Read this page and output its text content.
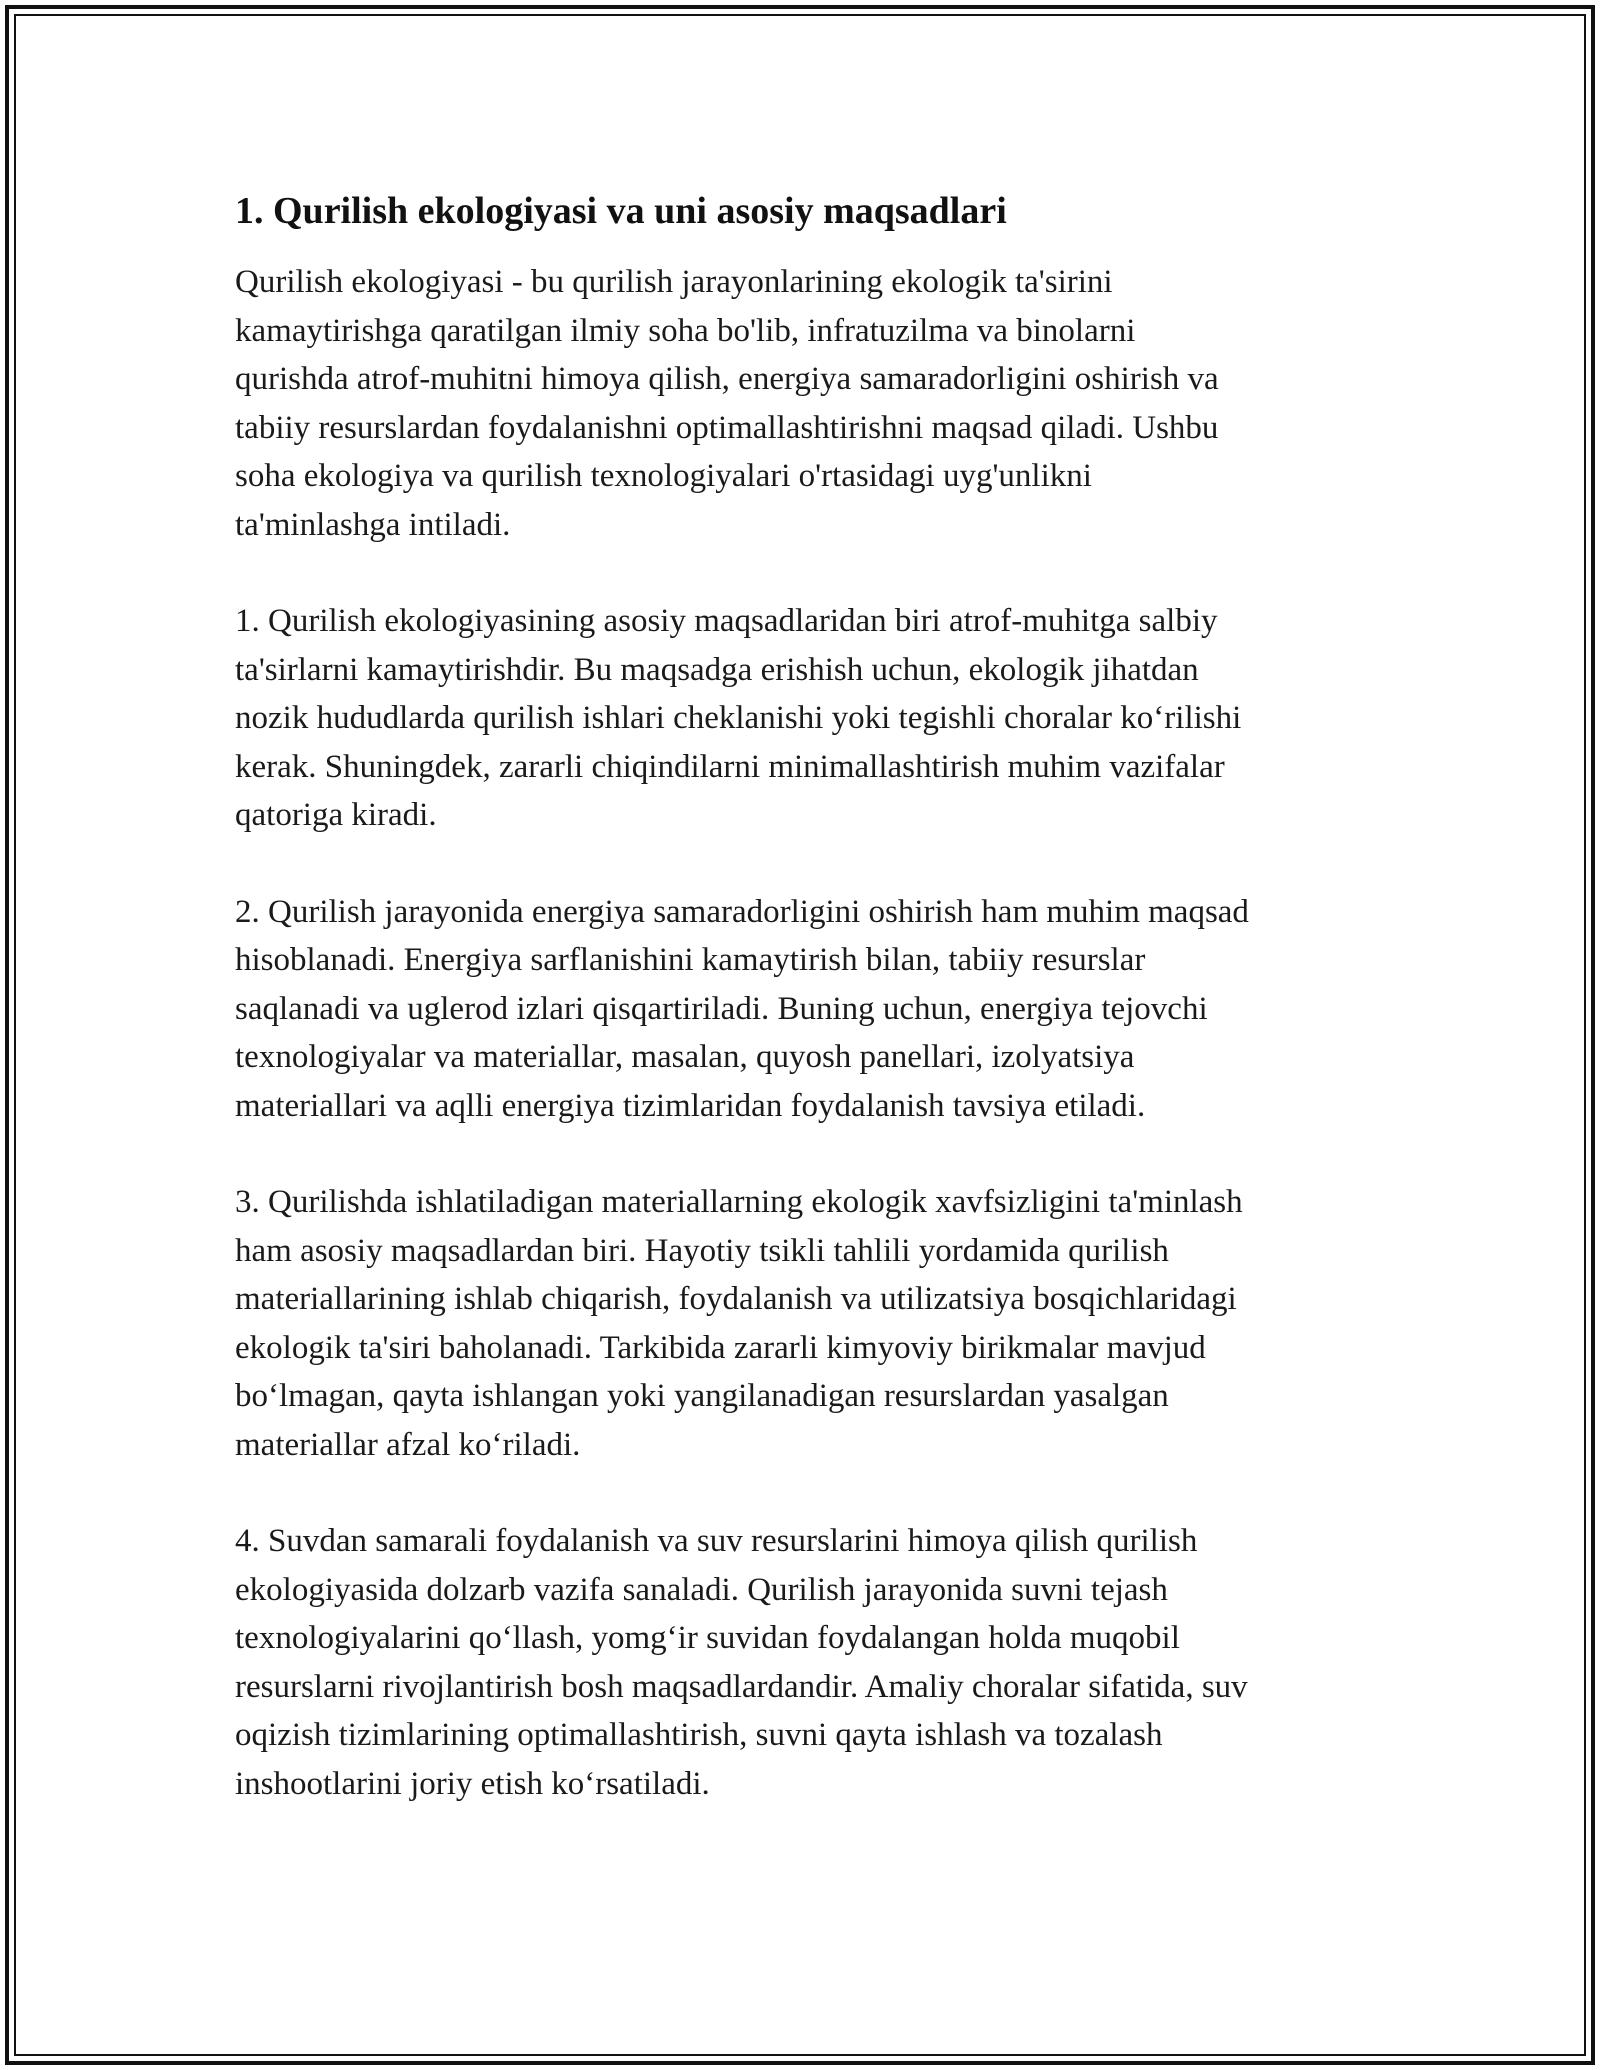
1. Qurilish ekologiyasi va uni asosiy maqsadlari

Qurilish ekologiyasi - bu qurilish jarayonlarining ekologik ta'sirini
kamaytirishga qaratilgan ilmiy soha bo'lib, infratuzilma va binolarni
qurishda atrof-muhitni himoya qilish, energiya samaradorligini oshirish va
tabiiy resurslardan foydalanishni optimallashtirishni maqsad qiladi. Ushbu
soha ekologiya va qurilish texnologiyalari o'rtasidagi uyg'unlikni
ta'minlashga intiladi.

1. Qurilish ekologiyasining asosiy maqsadlaridan biri atrof-muhitga salbiy
ta'sirlarni kamaytirishdir. Bu maqsadga erishish uchun, ekologik jihatdan
nozik hududlarda qurilish ishlari cheklanishi yoki tegishli choralar ko‘rilishi
kerak. Shuningdek, zararli chiqindilarni minimallashtirish muhim vazifalar
qatoriga kiradi.

2. Qurilish jarayonida energiya samaradorligini oshirish ham muhim maqsad
hisoblanadi. Energiya sarflanishini kamaytirish bilan, tabiiy resurslar
saqlanadi va uglerod izlari qisqartiriladi. Buning uchun, energiya tejovchi
texnologiyalar va materiallar, masalan, quyosh panellari, izolyatsiya
materiallari va aqlli energiya tizimlaridan foydalanish tavsiya etiladi.

3. Qurilishda ishlatiladigan materiallarning ekologik xavfsizligini ta'minlash
ham asosiy maqsadlardan biri. Hayotiy tsikli tahlili yordamida qurilish
materiallarining ishlab chiqarish, foydalanish va utilizatsiya bosqichlaridagi
ekologik ta'siri baholanadi. Tarkibida zararli kimyoviy birikmalar mavjud
bo‘lmagan, qayta ishlangan yoki yangilanadigan resurslardan yasalgan
materiallar afzal ko‘riladi.

4. Suvdan samarali foydalanish va suv resurslarini himoya qilish qurilish
ekologiyasida dolzarb vazifa sanaladi. Qurilish jarayonida suvni tejash
texnologiyalarini qo‘llash, yomg‘ir suvidan foydalangan holda muqobil
resurslarni rivojlantirish bosh maqsadlardandir. Amaliy choralar sifatida, suv
oqizish tizimlarining optimallashtirish, suvni qayta ishlash va tozalash
inshootlarini joriy etish ko‘rsatiladi.
